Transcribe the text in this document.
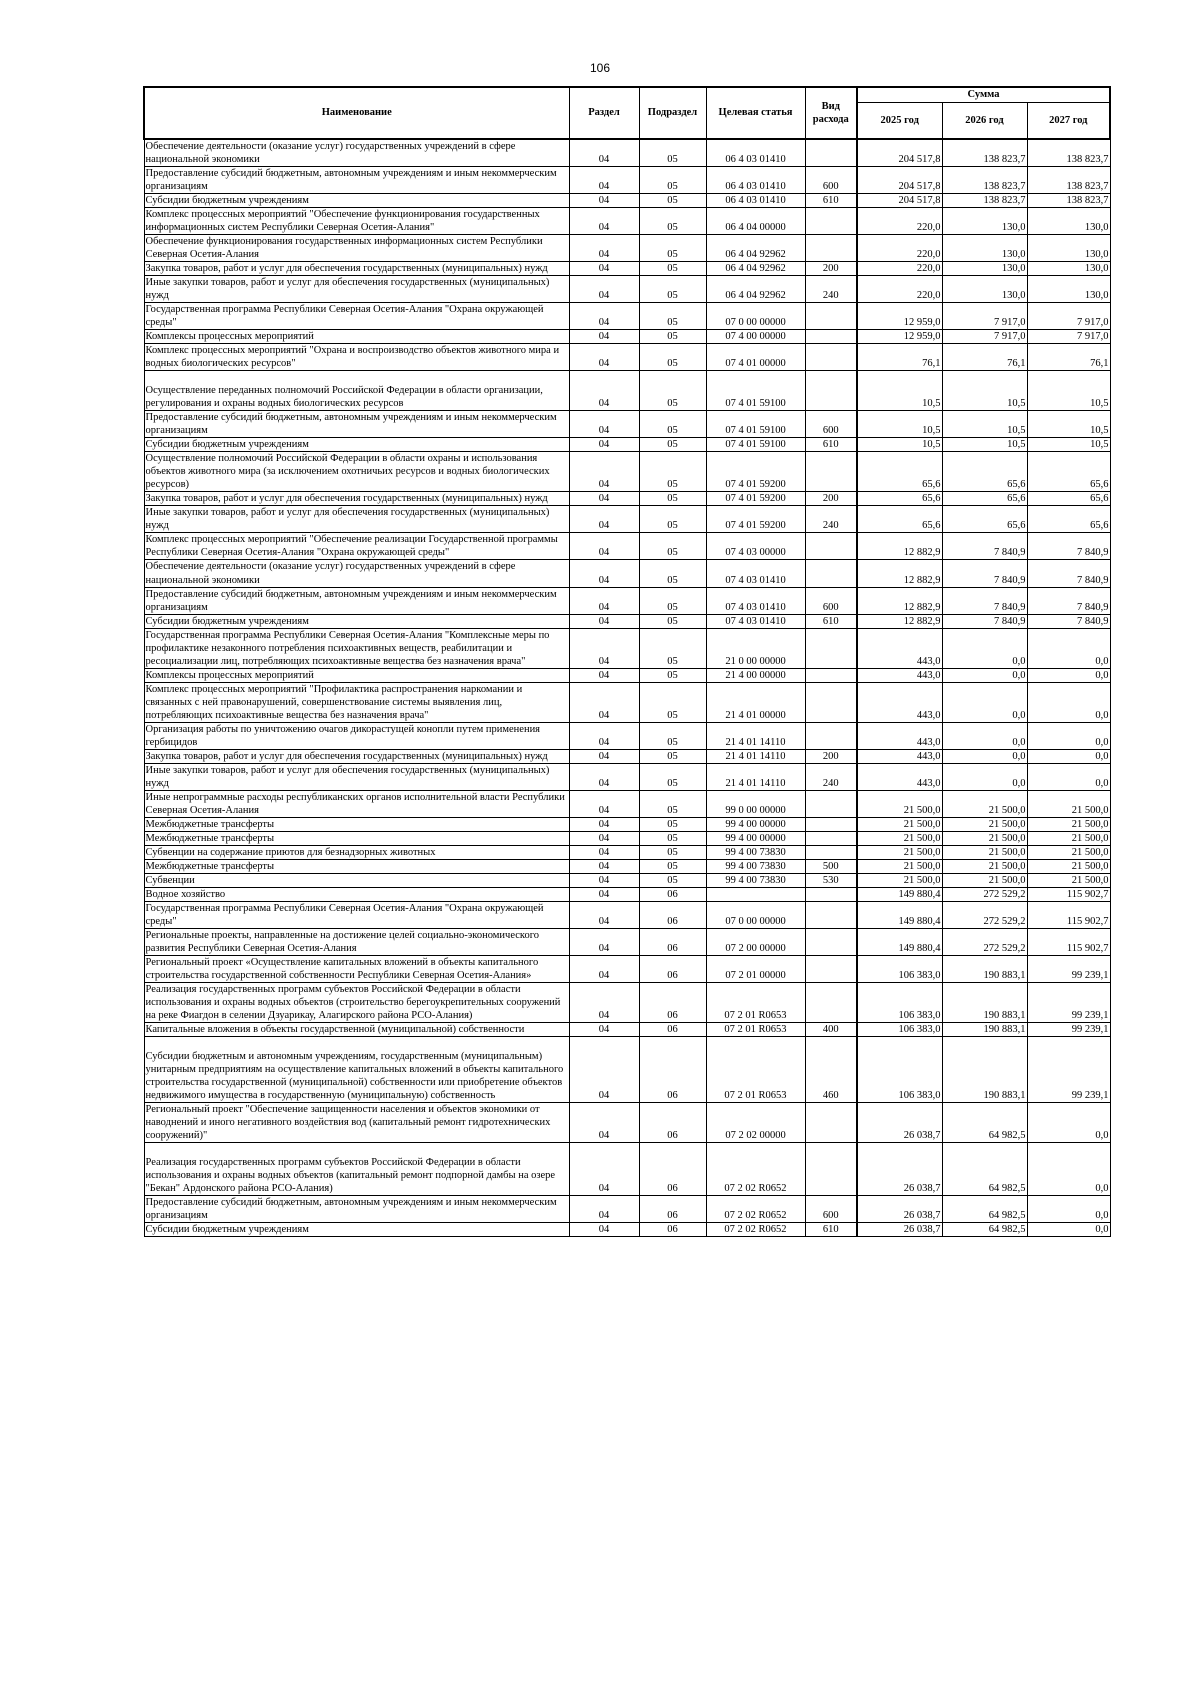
106
Наименование	Раздел	Подраздел	Целевая статья	Вид расхода	Сумма		
					2025 год	2026 год	2027 год
Обеспечение деятельности (оказание услуг) государственных учреждений в сфере национальной экономики	04	05	06 4 03 01410		204 517,8	138 823,7	138 823,7
Предоставление субсидий бюджетным, автономным учреждениям и иным некоммерческим организациям	04	05	06 4 03 01410	600	204 517,8	138 823,7	138 823,7
Субсидии бюджетным учреждениям	04	05	06 4 03 01410	610	204 517,8	138 823,7	138 823,7
Комплекс процессных мероприятий "Обеспечение функционирования государственных информационных систем Республики Северная Осетия-Алания"	04	05	06 4 04 00000		220,0	130,0	130,0
Обеспечение функционирования государственных информационных систем Республики Северная Осетия-Алания	04	05	06 4 04 92962		220,0	130,0	130,0
Закупка товаров, работ и услуг для обеспечения государственных (муниципальных) нужд	04	05	06 4 04 92962	200	220,0	130,0	130,0
Иные закупки товаров, работ и услуг для обеспечения государственных (муниципальных) нужд	04	05	06 4 04 92962	240	220,0	130,0	130,0
Государственная программа Республики Северная Осетия-Алания "Охрана окружающей среды"	04	05	07 0 00 00000		12 959,0	7 917,0	7 917,0
Комплексы процессных мероприятий	04	05	07 4 00 00000		12 959,0	7 917,0	7 917,0
Комплекс процессных мероприятий "Охрана и воспроизводство объектов животного мира и водных биологических ресурсов"	04	05	07 4 01 00000		76,1	76,1	76,1

Осуществление переданных полномочий Российской Федерации в области организации, регулирования и охраны водных биологических ресурсов	04	05	07 4 01 59100		10,5	10,5	10,5
Предоставление субсидий бюджетным, автономным учреждениям и иным некоммерческим организациям	04	05	07 4 01 59100	600	10,5	10,5	10,5
Субсидии бюджетным учреждениям	04	05	07 4 01 59100	610	10,5	10,5	10,5
Осуществление полномочий Российской Федерации в области охраны и использования объектов животного мира (за исключением охотничьих ресурсов и водных биологических ресурсов)	04	05	07 4 01 59200		65,6	65,6	65,6
Закупка товаров, работ и услуг для обеспечения государственных (муниципальных) нужд	04	05	07 4 01 59200	200	65,6	65,6	65,6
Иные закупки товаров, работ и услуг для обеспечения государственных (муниципальных) нужд	04	05	07 4 01 59200	240	65,6	65,6	65,6
Комплекс процессных мероприятий "Обеспечение реализации Государственной программы Республики Северная Осетия-Алания "Охрана окружающей среды"	04	05	07 4 03 00000		12 882,9	7 840,9	7 840,9
Обеспечение деятельности (оказание услуг) государственных учреждений в сфере национальной экономики	04	05	07 4 03 01410		12 882,9	7 840,9	7 840,9
Предоставление субсидий бюджетным, автономным учреждениям и иным некоммерческим организациям	04	05	07 4 03 01410	600	12 882,9	7 840,9	7 840,9
Субсидии бюджетным учреждениям	04	05	07 4 03 01410	610	12 882,9	7 840,9	7 840,9
Государственная программа Республики Северная Осетия-Алания "Комплексные меры по профилактике незаконного потребления психоактивных веществ, реабилитации и ресоциализации лиц, потребляющих психоактивные вещества без назначения врача"	04	05	21 0 00 00000		443,0	0,0	0,0
Комплексы процессных мероприятий	04	05	21 4 00 00000		443,0	0,0	0,0
Комплекс процессных мероприятий "Профилактика распространения наркомании и связанных с ней правонарушений, совершенствование системы выявления лиц, потребляющих психоактивные вещества без назначения врача"	04	05	21 4 01 00000		443,0	0,0	0,0
Организация работы по уничтожению очагов дикорастущей конопли путем применения гербицидов	04	05	21 4 01 14110		443,0	0,0	0,0
Закупка товаров, работ и услуг для обеспечения государственных (муниципальных) нужд	04	05	21 4 01 14110	200	443,0	0,0	0,0
Иные закупки товаров, работ и услуг для обеспечения государственных (муниципальных) нужд	04	05	21 4 01 14110	240	443,0	0,0	0,0
Иные непрограммные расходы республиканских органов исполнительной власти Республики Северная Осетия-Алания	04	05	99 0 00 00000		21 500,0	21 500,0	21 500,0
Межбюджетные трансферты	04	05	99 4 00 00000		21 500,0	21 500,0	21 500,0
Межбюджетные трансферты	04	05	99 4 00 00000		21 500,0	21 500,0	21 500,0
Субвенции на содержание приютов для безнадзорных животных	04	05	99 4 00 73830		21 500,0	21 500,0	21 500,0
Межбюджетные трансферты	04	05	99 4 00 73830	500	21 500,0	21 500,0	21 500,0
Субвенции	04	05	99 4 00 73830	530	21 500,0	21 500,0	21 500,0
Водное хозяйство	04	06			149 880,4	272 529,2	115 902,7
Государственная программа Республики Северная Осетия-Алания "Охрана окружающей среды"	04	06	07 0 00 00000		149 880,4	272 529,2	115 902,7
Региональные проекты, направленные на достижение целей социально-экономического развития Республики Северная Осетия-Алания	04	06	07 2 00 00000		149 880,4	272 529,2	115 902,7
Региональный проект «Осуществление капитальных вложений в объекты капитального строительства государственной собственности Республики Северная Осетия-Алания»	04	06	07 2 01 00000		106 383,0	190 883,1	99 239,1
Реализация государственных программ субъектов Российской Федерации в области использования и охраны водных объектов (строительство берегоукрепительных сооружений на реке Фиагдон в селении Дзуарикау, Алагирского района РСО-Алания)	04	06	07 2 01 R0653		106 383,0	190 883,1	99 239,1
Капитальные вложения в объекты государственной (муниципальной) собственности	04	06	07 2 01 R0653	400	106 383,0	190 883,1	99 239,1

Субсидии бюджетным и автономным учреждениям, государственным (муниципальным) унитарным предприятиям на осуществление капитальных вложений в объекты капитального строительства государственной (муниципальной) собственности или приобретение объектов недвижимого имущества в государственную (муниципальную) собственность	04	06	07 2 01 R0653	460	106 383,0	190 883,1	99 239,1
Региональный проект "Обеспечение защищенности населения и объектов экономики от наводнений и иного негативного воздействия вод (капитальный ремонт гидротехнических сооружений)"	04	06	07 2 02 00000		26 038,7	64 982,5	0,0

Реализация государственных программ субъектов Российской Федерации в области использования и охраны водных объектов (капитальный ремонт подпорной дамбы на озере "Бекан" Ардонского района РСО-Алания)	04	06	07 2 02 R0652		26 038,7	64 982,5	0,0
Предоставление субсидий бюджетным, автономным учреждениям и иным некоммерческим организациям	04	06	07 2 02 R0652	600	26 038,7	64 982,5	0,0
Субсидии бюджетным учреждениям	04	06	07 2 02 R0652	610	26 038,7	64 982,5	0,0
